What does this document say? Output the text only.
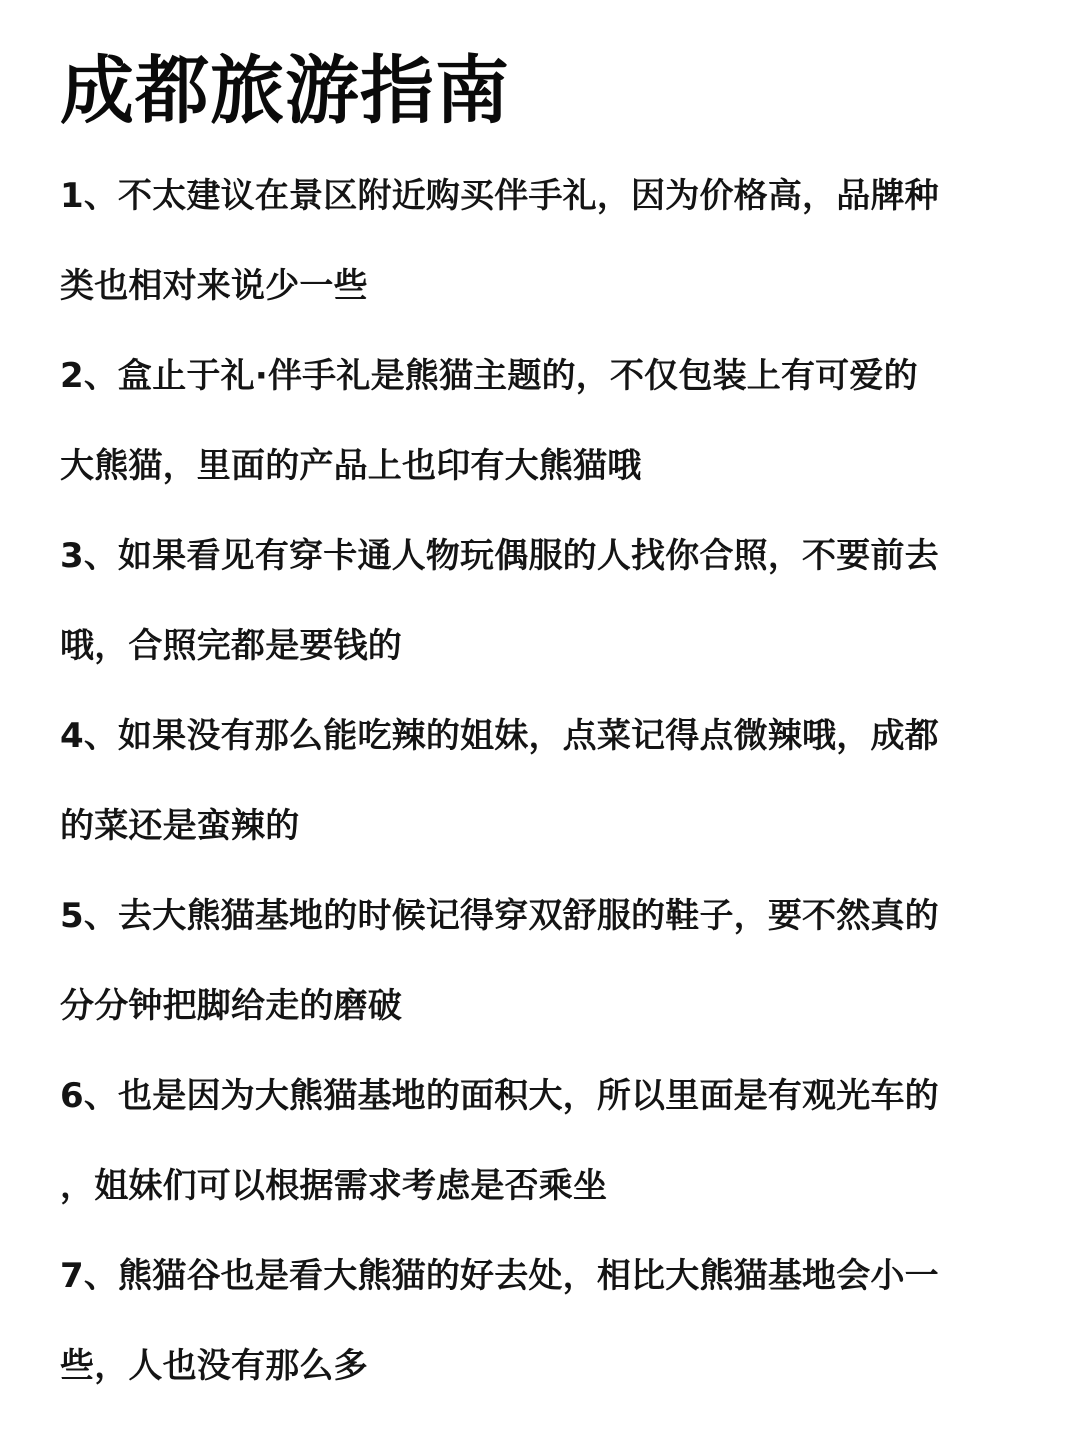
成都旅游指南
1、不太建议在景区附近购买伴手礼，因为价格高，品牌种
类也相对来说少一些
2、盒止于礼·伴手礼是熊猫主题的，不仅包装上有可爱的
大熊猫，里面的产品上也印有大熊猫哦
3、如果看见有穿卡通人物玩偶服的人找你合照，不要前去
哦，合照完都是要钱的
4、如果没有那么能吃辣的姐妹，点菜记得点微辣哦，成都
的菜还是蛮辣的
5、去大熊猫基地的时候记得穿双舒服的鞋子，要不然真的
分分钟把脚给走的磨破
6、也是因为大熊猫基地的面积大，所以里面是有观光车的
，姐妹们可以根据需求考虑是否乘坐
7、熊猫谷也是看大熊猫的好去处，相比大熊猫基地会小一
些，人也没有那么多
